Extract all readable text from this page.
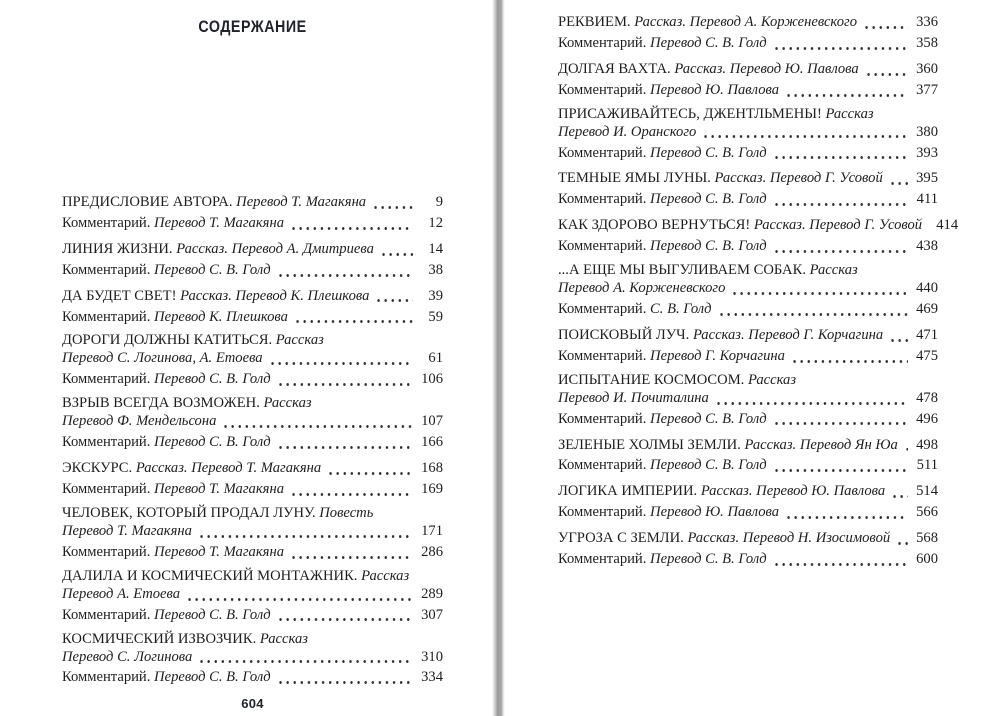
СОДЕРЖАНИЕ
ПРЕДИСЛОВИЕ АВТОРА. Перевод Т. Магакяна	9
Комментарий. Перевод Т. Магакяна	12
ЛИНИЯ ЖИЗНИ. Рассказ. Перевод А. Дмитриева	14
Комментарий. Перевод С. В. Голд	38
ДА БУДЕТ СВЕТ! Рассказ. Перевод К. Плешкова	39
Комментарий. Перевод К. Плешкова	59
ДОРОГИ ДОЛЖНЫ КАТИТЬСЯ. Рассказ
Перевод С. Логинова, А. Етоева	61
Комментарий. Перевод С. В. Голд	106
ВЗРЫВ ВСЕГДА ВОЗМОЖЕН. Рассказ
Перевод Ф. Мендельсона	107
Комментарий. Перевод С. В. Голд	166
ЭКСКУРС. Рассказ. Перевод Т. Магакяна	168
Комментарий. Перевод Т. Магакяна	169
ЧЕЛОВЕК, КОТОРЫЙ ПРОДАЛ ЛУНУ. Повесть
Перевод Т. Магакяна	171
Комментарий. Перевод Т. Магакяна	286
ДАЛИЛА И КОСМИЧЕСКИЙ МОНТАЖНИК. Рассказ
Перевод А. Етоева	289
Комментарий. Перевод С. В. Голд	307
КОСМИЧЕСКИЙ ИЗВОЗЧИК. Рассказ
Перевод С. Логинова	310
Комментарий. Перевод С. В. Голд	334
604
РЕКВИЕМ. Рассказ. Перевод А. Корженевского	336
Комментарий. Перевод С. В. Голд	358
ДОЛГАЯ ВАХТА. Рассказ. Перевод Ю. Павлова	360
Комментарий. Перевод Ю. Павлова	377
ПРИСАЖИВАЙТЕСЬ, ДЖЕНТЛЬМЕНЫ! Рассказ
Перевод И. Оранского	380
Комментарий. Перевод С. В. Голд	393
ТЕМНЫЕ ЯМЫ ЛУНЫ. Рассказ. Перевод Г. Усовой	395
Комментарий. Перевод С. В. Голд	411
КАК ЗДОРОВО ВЕРНУТЬСЯ! Рассказ. Перевод Г. Усовой 414
Комментарий. Перевод С. В. Голд	438
...А ЕЩЕ МЫ ВЫГУЛИВАЕМ СОБАК. Рассказ
Перевод А. Корженевского	440
Комментарий. С. В. Голд	469
ПОИСКОВЫЙ ЛУЧ. Рассказ. Перевод Г. Корчагина	471
Комментарий. Перевод Г. Корчагина	475
ИСПЫТАНИЕ КОСМОСОМ. Рассказ
Перевод И. Почиталина	478
Комментарий. Перевод С. В. Голд	496
ЗЕЛЕНЫЕ ХОЛМЫ ЗЕМЛИ. Рассказ. Перевод Ян Юа	498
Комментарий. Перевод С. В. Голд	511
ЛОГИКА ИМПЕРИИ. Рассказ. Перевод Ю. Павлова	514
Комментарий. Перевод Ю. Павлова	566
УГРОЗА С ЗЕМЛИ. Рассказ. Перевод Н. Изосимовой	568
Комментарий. Перевод С. В. Голд	600
